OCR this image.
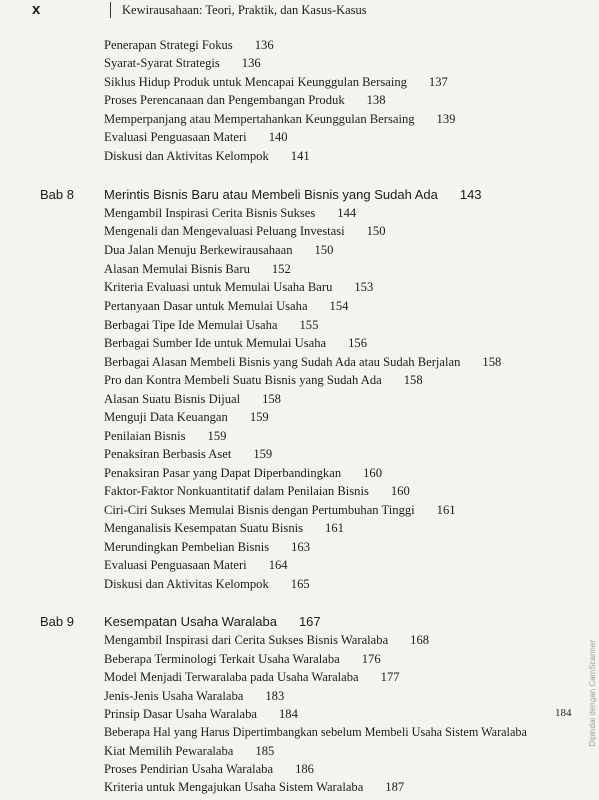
x	Kewirausahaan: Teori, Praktik, dan Kasus-Kasus
Penerapan Strategi Fokus 136
Syarat-Syarat Strategis 136
Siklus Hidup Produk untuk Mencapai Keunggulan Bersaing 137
Proses Perencanaan dan Pengembangan Produk 138
Memperpanjang atau Mempertahankan Keunggulan Bersaing 139
Evaluasi Penguasaan Materi 140
Diskusi dan Aktivitas Kelompok 141
Bab 8 Merintis Bisnis Baru atau Membeli Bisnis yang Sudah Ada 143
Mengambil Inspirasi Cerita Bisnis Sukses 144
Mengenali dan Mengevaluasi Peluang Investasi 150
Dua Jalan Menuju Berkewirausahaan 150
Alasan Memulai Bisnis Baru 152
Kriteria Evaluasi untuk Memulai Usaha Baru 153
Pertanyaan Dasar untuk Memulai Usaha 154
Berbagai Tipe Ide Memulai Usaha 155
Berbagai Sumber Ide untuk Memulai Usaha 156
Berbagai Alasan Membeli Bisnis yang Sudah Ada atau Sudah Berjalan 158
Pro dan Kontra Membeli Suatu Bisnis yang Sudah Ada 158
Alasan Suatu Bisnis Dijual 158
Menguji Data Keuangan 159
Penilaian Bisnis 159
Penaksiran Berbasis Aset 159
Penaksiran Pasar yang Dapat Diperbandingkan 160
Faktor-Faktor Nonkuantitatif dalam Penilaian Bisnis 160
Ciri-Ciri Sukses Memulai Bisnis dengan Pertumbuhan Tinggi 161
Menganalisis Kesempatan Suatu Bisnis 161
Merundingkan Pembelian Bisnis 163
Evaluasi Penguasaan Materi 164
Diskusi dan Aktivitas Kelompok 165
Bab 9 Kesempatan Usaha Waralaba 167
Mengambil Inspirasi dari Cerita Sukses Bisnis Waralaba 168
Beberapa Terminologi Terkait Usaha Waralaba 176
Model Menjadi Terwaralaba pada Usaha Waralaba 177
Jenis-Jenis Usaha Waralaba 183
Prinsip Dasar Usaha Waralaba 184
Beberapa Hal yang Harus Dipertimbangkan sebelum Membeli Usaha Sistem Waralaba
Kiat Memilih Pewaralaba 185
Proses Pendirian Usaha Waralaba 186
Kriteria untuk Mengajukan Usaha Sistem Waralaba 187
184 Dipindai dengan CamScanner
